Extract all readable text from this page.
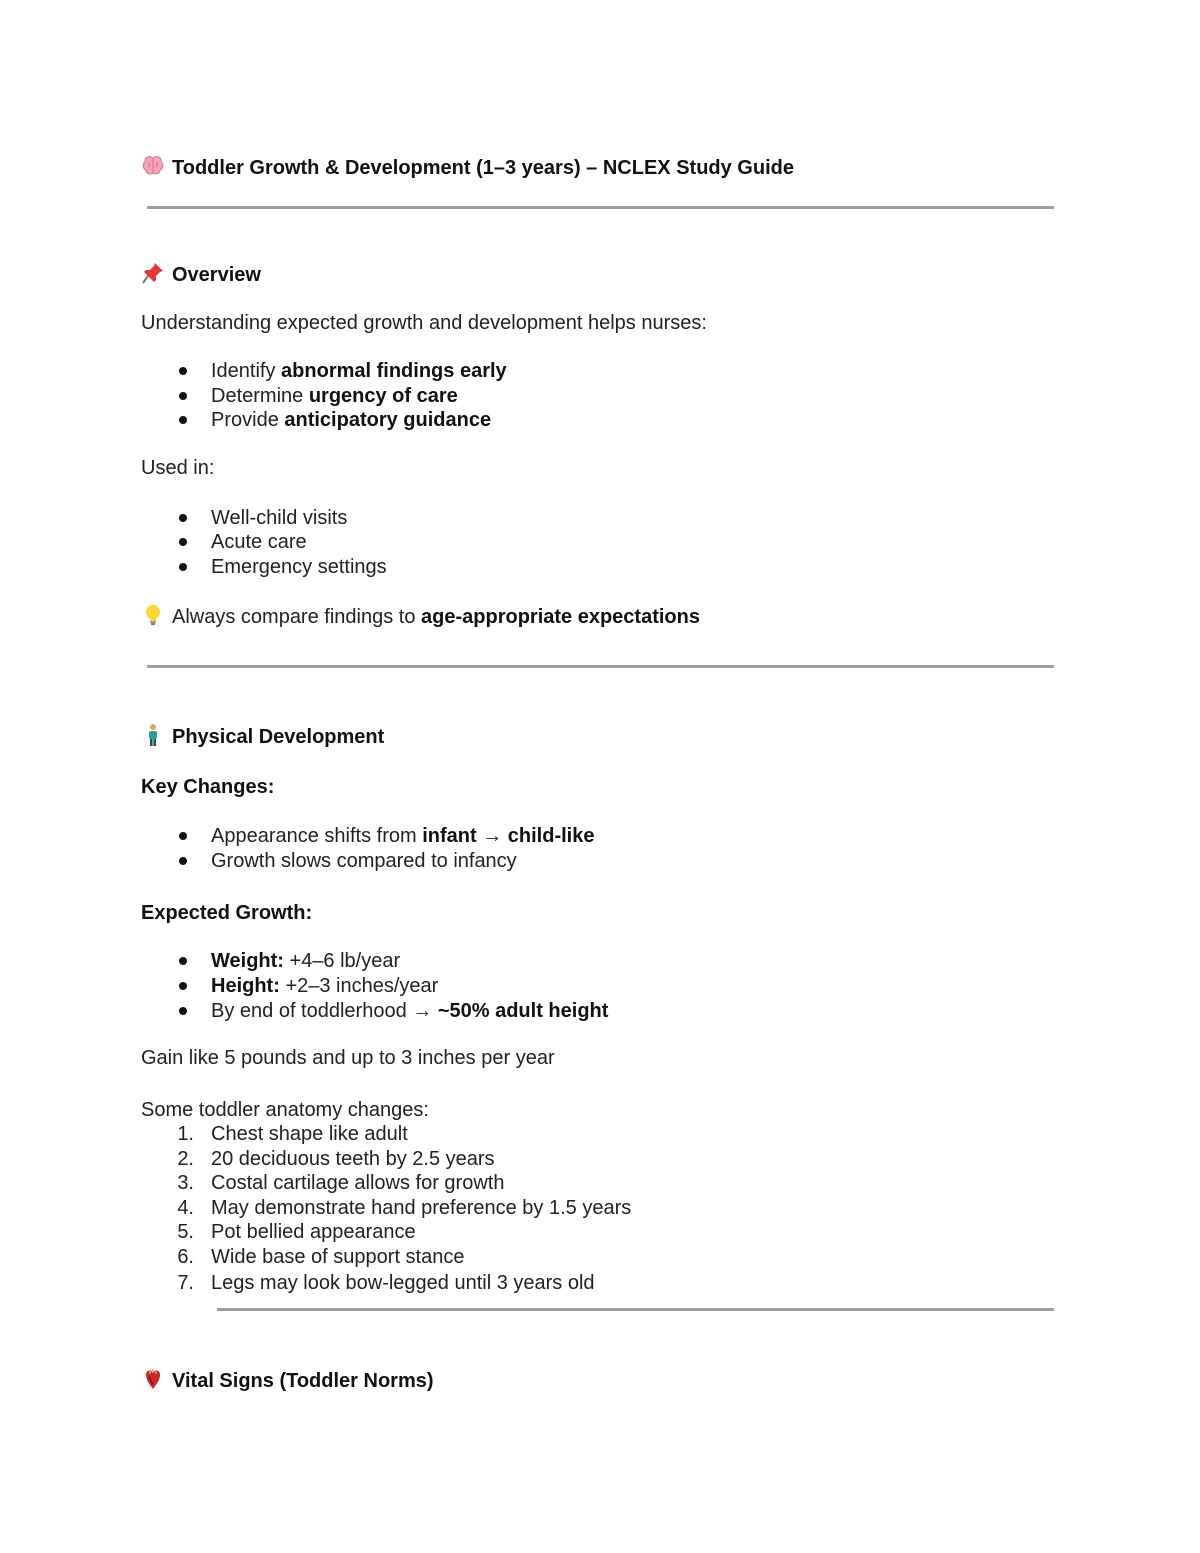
Toddler Growth & Development (1–3 years) – NCLEX Study Guide
Overview
Understanding expected growth and development helps nurses:
Identify abnormal findings early
Determine urgency of care
Provide anticipatory guidance
Used in:
Well-child visits
Acute care
Emergency settings
Always compare findings to age-appropriate expectations
Physical Development
Key Changes:
Appearance shifts from infant → child-like
Growth slows compared to infancy
Expected Growth:
Weight: +4–6 lb/year
Height: +2–3 inches/year
By end of toddlerhood → ~50% adult height
Gain like 5 pounds and up to 3 inches per year
Some toddler anatomy changes:
1. Chest shape like adult
2. 20 deciduous teeth by 2.5 years
3. Costal cartilage allows for growth
4. May demonstrate hand preference by 1.5 years
5. Pot bellied appearance
6. Wide base of support stance
7. Legs may look bow-legged until 3 years old
Vital Signs (Toddler Norms)
